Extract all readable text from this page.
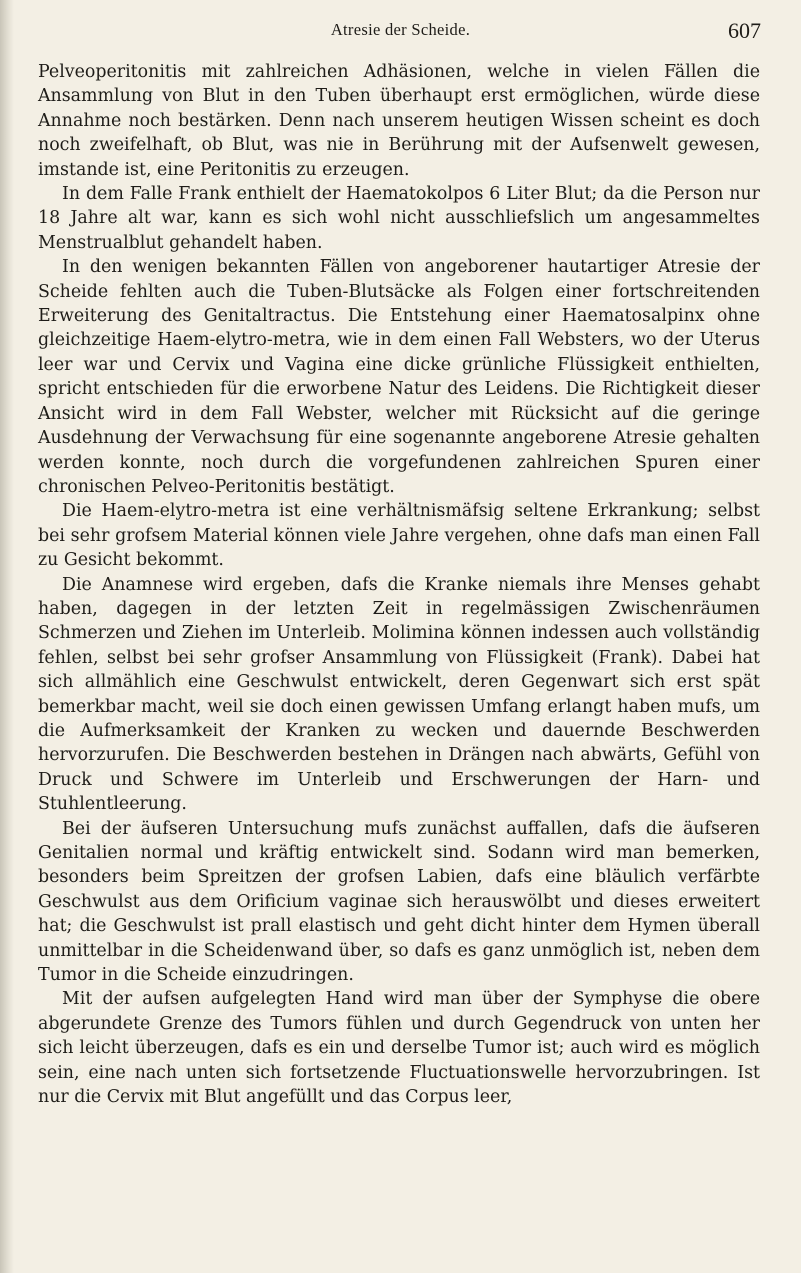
Atresie der Scheide.	607

Pelveoperitonitis mit zahlreichen Adhäsionen, welche in vielen Fällen die Ansammlung von Blut in den Tuben überhaupt erst ermöglichen, würde diese Annahme noch bestärken. Denn nach unserem heutigen Wissen scheint es doch noch zweifelhaft, ob Blut, was nie in Berührung mit der Aufsenwelt gewesen, imstande ist, eine Peritonitis zu erzeugen.

In dem Falle Frank enthielt der Haematokolpos 6 Liter Blut; da die Person nur 18 Jahre alt war, kann es sich wohl nicht ausschliefslich um angesammeltes Menstrualblut gehandelt haben.

In den wenigen bekannten Fällen von angeborener hautartiger Atresie der Scheide fehlten auch die Tuben-Blutsäcke als Folgen einer fortschreitenden Erweiterung des Genitaltractus. Die Entstehung einer Haematosalpinx ohne gleichzeitige Haem-elytro-metra, wie in dem einen Fall Websters, wo der Uterus leer war und Cervix und Vagina eine dicke grünliche Flüssigkeit enthielten, spricht entschieden für die erworbene Natur des Leidens. Die Richtigkeit dieser Ansicht wird in dem Fall Webster, welcher mit Rücksicht auf die geringe Ausdehnung der Verwachsung für eine sogenannte angeborene Atresie gehalten werden konnte, noch durch die vorgefundenen zahlreichen Spuren einer chronischen Pelveo-Peritonitis bestätigt.

Die Haem-elytro-metra ist eine verhältnismäfsig seltene Erkrankung; selbst bei sehr grofsem Material können viele Jahre vergehen, ohne dafs man einen Fall zu Gesicht bekommt.

Die Anamnese wird ergeben, dafs die Kranke niemals ihre Menses gehabt haben, dagegen in der letzten Zeit in regelmässigen Zwischenräumen Schmerzen und Ziehen im Unterleib. Molimina können indessen auch vollständig fehlen, selbst bei sehr grofser Ansammlung von Flüssigkeit (Frank). Dabei hat sich allmählich eine Geschwulst entwickelt, deren Gegenwart sich erst spät bemerkbar macht, weil sie doch einen gewissen Umfang erlangt haben mufs, um die Aufmerksamkeit der Kranken zu wecken und dauernde Beschwerden hervorzurufen. Die Beschwerden bestehen in Drängen nach abwärts, Gefühl von Druck und Schwere im Unterleib und Erschwerungen der Harn- und Stuhlentleerung.

Bei der äufseren Untersuchung mufs zunächst auffallen, dafs die äufseren Genitalien normal und kräftig entwickelt sind. Sodann wird man bemerken, besonders beim Spreitzen der grofsen Labien, dafs eine bläulich verfärbte Geschwulst aus dem Orificium vaginae sich herauswölbt und dieses erweitert hat; die Geschwulst ist prall elastisch und geht dicht hinter dem Hymen überall unmittelbar in die Scheidenwand über, so dafs es ganz unmöglich ist, neben dem Tumor in die Scheide einzudringen.

Mit der aufsen aufgelegten Hand wird man über der Symphyse die obere abgerundete Grenze des Tumors fühlen und durch Gegendruck von unten her sich leicht überzeugen, dafs es ein und derselbe Tumor ist; auch wird es möglich sein, eine nach unten sich fortsetzende Fluctuationswelle hervorzubringen. Ist nur die Cervix mit Blut angefüllt und das Corpus leer,
